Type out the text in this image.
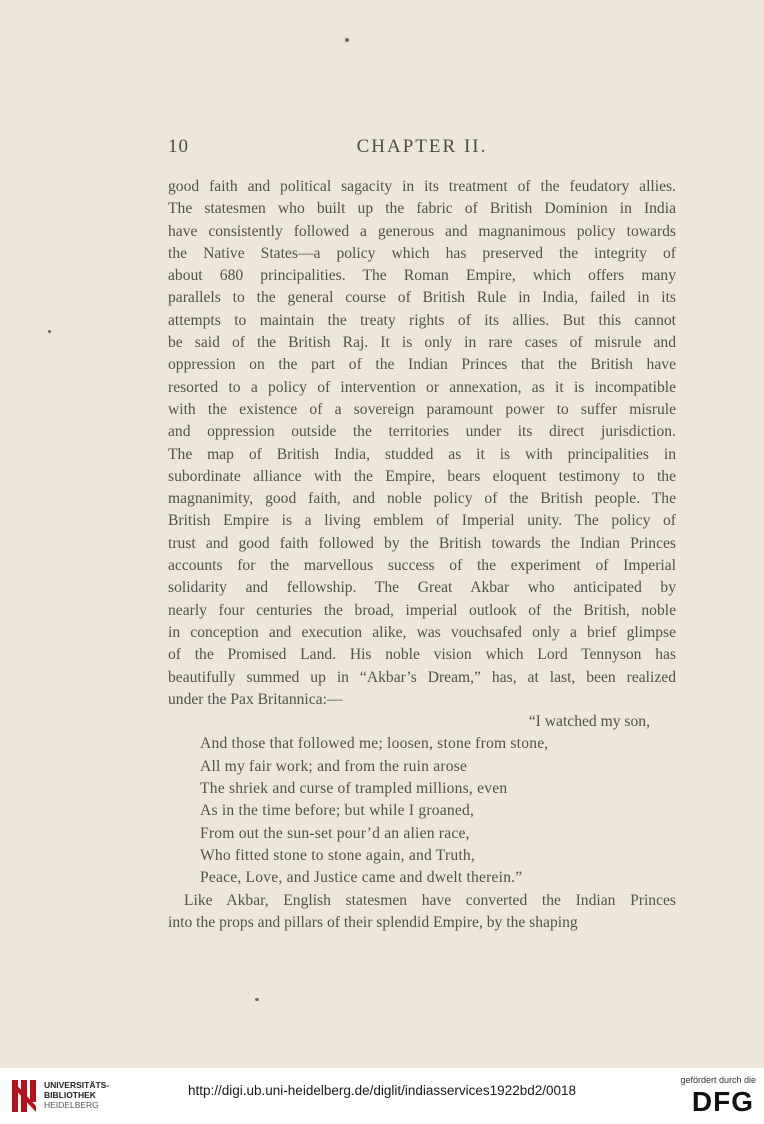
10	CHAPTER II.

good faith and political sagacity in its treatment of the feudatory allies.

The statesmen who built up the fabric of British Dominion in India

have consistently followed a generous and magnanimous policy towards

the Native States—a policy which has preserved the integrity of

about 680 principalities. The Roman Empire, which offers many

parallels to the general course of British Rule in India, failed in its

attempts to maintain the treaty rights of its allies. But this cannot

be said of the British Raj. It is only in rare cases of misrule and

oppression on the part of the Indian Princes that the British have

resorted to a policy of intervention or annexation, as it is incompatible

with the existence of a sovereign paramount power to suffer misrule

and oppression outside the territories under its direct jurisdiction.

The map of British India, studded as it is with principalities in

subordinate alliance with the Empire, bears eloquent testimony to the

magnanimity, good faith, and noble policy of the British people. The

British Empire is a living emblem of Imperial unity. The policy of

trust and good faith followed by the British towards the Indian Princes

accounts for the marvellous success of the experiment of Imperial

solidarity and fellowship. The Great Akbar who anticipated by

nearly four centuries the broad, imperial outlook of the British, noble

in conception and execution alike, was vouchsafed only a brief glimpse

of the Promised Land. His noble vision which Lord Tennyson has

beautifully summed up in “Akbar’s Dream,” has, at last, been realized

under the Pax Britannica:—

“I watched my son,
And those that followed me; loosen, stone from stone,
All my fair work; and from the ruin arose
The shriek and curse of trampled millions, even
As in the time before; but while I groaned,
From out the sun-set pour’d an alien race,
Who fitted stone to stone again, and Truth,
Peace, Love, and Justice came and dwelt therein.”

Like Akbar, English statesmen have converted the Indian Princes

into the props and pillars of their splendid Empire, by the shaping

UNIVERSITÄTS-
BIBLIOTHEK
HEIDELBERG
http://digi.ub.uni-heidelberg.de/diglit/indiasservices1922bd2/0018
gefördert durch die
DFG
